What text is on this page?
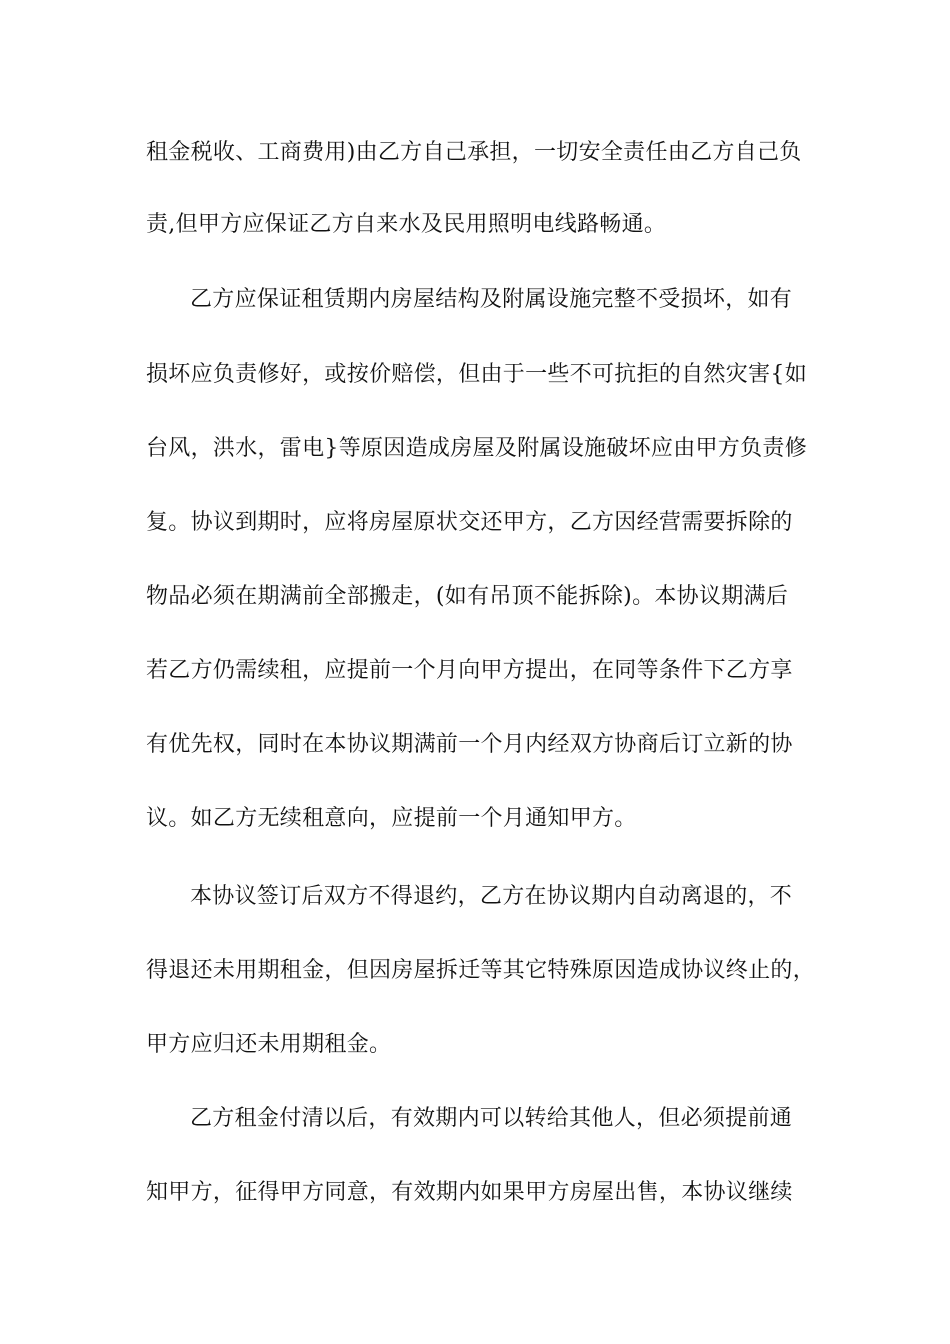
租金税收、工商费用)由乙方自己承担，一切安全责任由乙方自己负
责,但甲方应保证乙方自来水及民用照明电线路畅通。
乙方应保证租赁期内房屋结构及附属设施完整不受损坏，如有
损坏应负责修好，或按价赔偿，但由于一些不可抗拒的自然灾害{如
台风，洪水，雷电}等原因造成房屋及附属设施破坏应由甲方负责修
复。协议到期时，应将房屋原状交还甲方，乙方因经营需要拆除的
物品必须在期满前全部搬走，(如有吊顶不能拆除)。本协议期满后
若乙方仍需续租，应提前一个月向甲方提出，在同等条件下乙方享
有优先权，同时在本协议期满前一个月内经双方协商后订立新的协
议。如乙方无续租意向，应提前一个月通知甲方。
本协议签订后双方不得退约，乙方在协议期内自动离退的，不
得退还未用期租金，但因房屋拆迁等其它特殊原因造成协议终止的，
甲方应归还未用期租金。
乙方租金付清以后，有效期内可以转给其他人，但必须提前通
知甲方，征得甲方同意，有效期内如果甲方房屋出售，本协议继续
